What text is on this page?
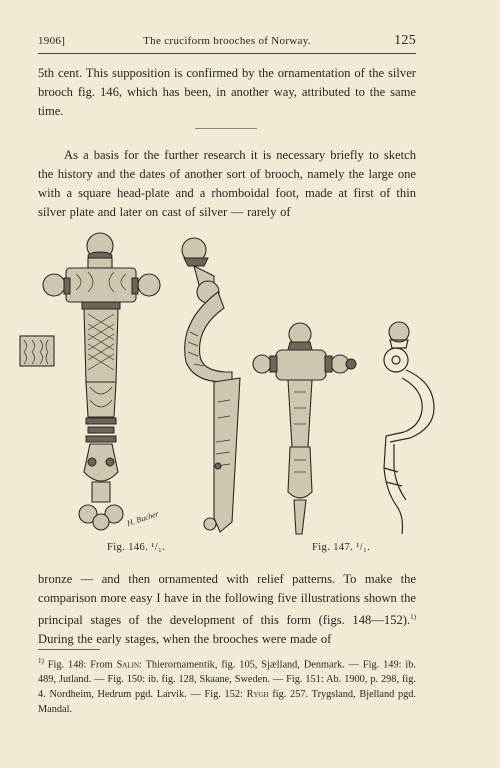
1906]	The cruciform brooches of Norway.	125
5th cent. This supposition is confirmed by the ornamentation of the silver brooch fig. 146, which has been, in another way, attributed to the same time.
As a basis for the further research it is necessary briefly to sketch the history and the dates of another sort of brooch, namely the large one with a square head-plate and a rhomboidal foot, made at first of thin silver plate and later on cast of silver — rarely of
H. Bucher
Fig. 146. ¹/₁.	Fig. 147. ¹/₁.
bronze — and then ornamented with relief patterns. To make the comparison more easy I have in the following five illustrations shown the principal stages of the development of this form (figs. 148—152).$^{1)}$ During the early stages, when the brooches were made of
$^{1)}$ Fig. 148: From Salin: Thierornamentik, fig. 105, Sjælland, Denmark. — Fig. 149: ib. 489, Jutland. — Fig. 150: ib. fig. 128, Skaane, Sweden. — Fig. 151: Ab. 1900, p. 298, fig. 4. Nordheim, Hedrum pgd. Larvik. — Fig. 152: Rygh fig. 257. Trygsland, Bjelland pgd. Mandal.
